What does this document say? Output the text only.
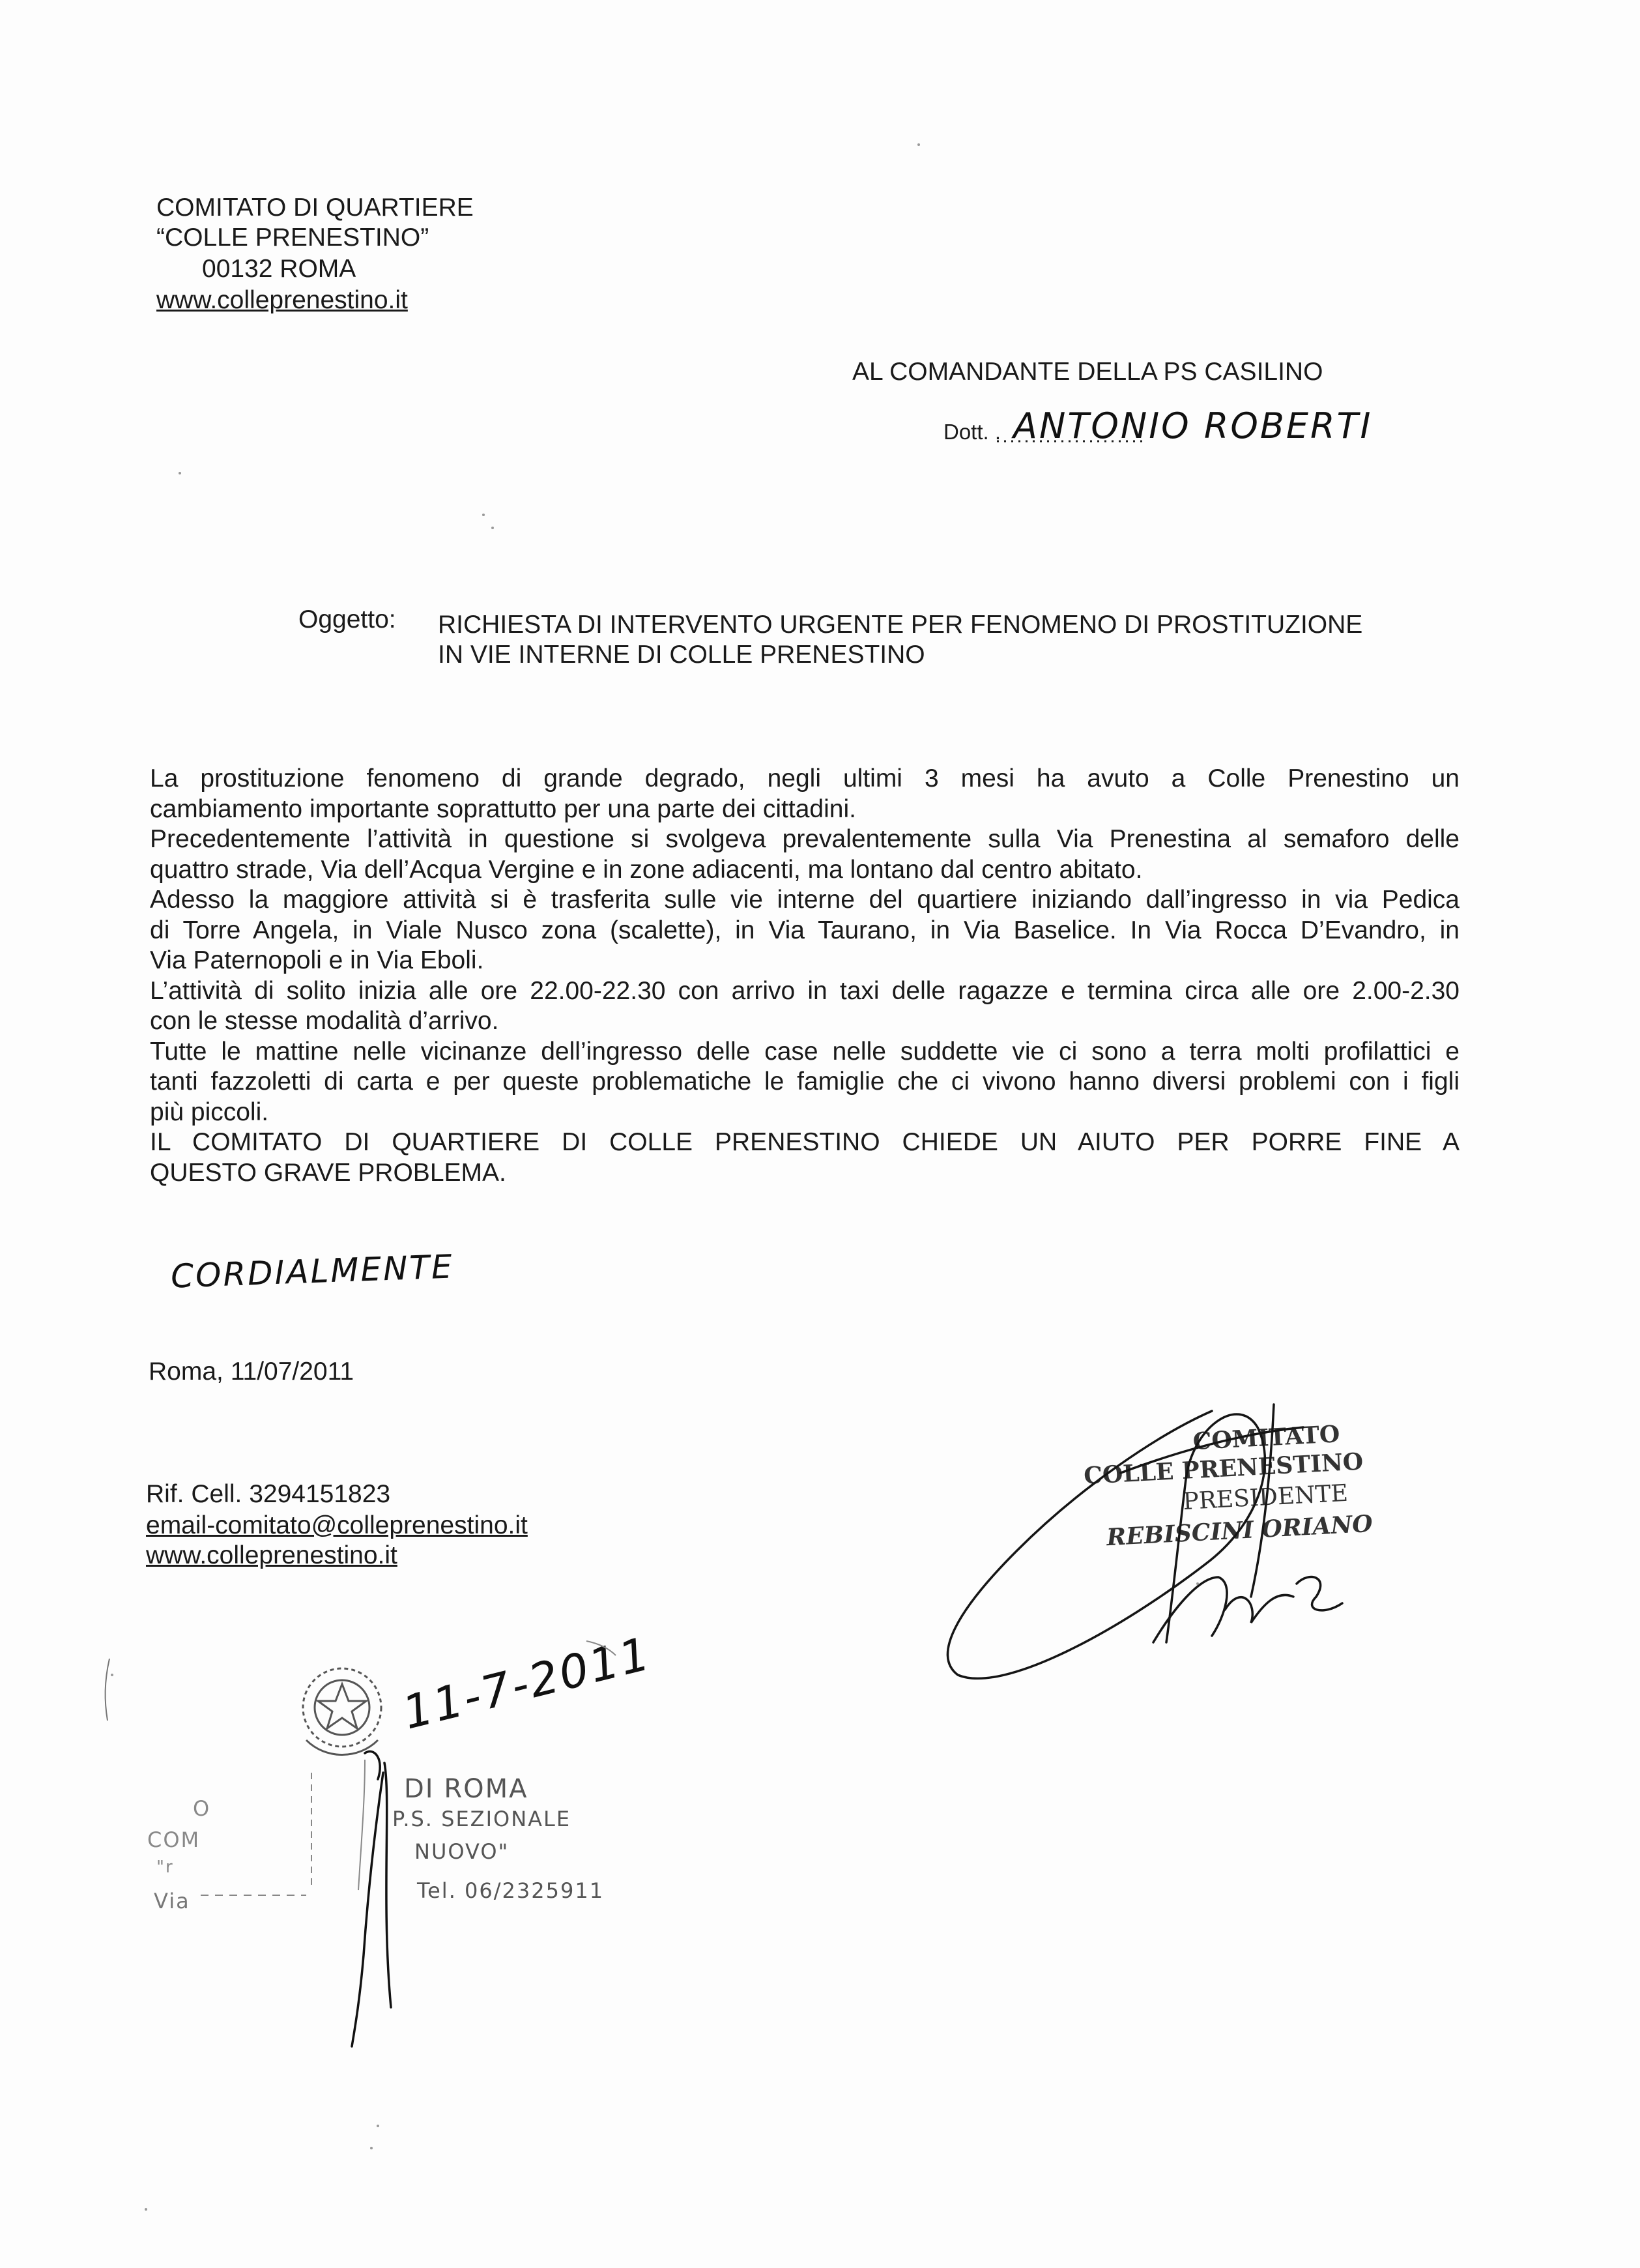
COMITATO DI QUARTIERE
“COLLE PRENESTINO”
00132 ROMA
www.colleprenestino.it
AL COMANDANTE DELLA PS CASILINO
Dott. . ANTONIO ROBERTI
Oggetto: RICHIESTA DI INTERVENTO URGENTE PER FENOMENO DI PROSTITUZIONE
IN VIE INTERNE DI COLLE PRENESTINO
La prostituzione fenomeno di grande degrado, negli ultimi 3 mesi ha avuto a Colle Prenestino un
cambiamento importante soprattutto per una parte dei cittadini.
Precedentemente l’attività in questione si svolgeva prevalentemente sulla Via Prenestina al semaforo delle
quattro strade, Via dell’Acqua Vergine e in zone adiacenti, ma lontano dal centro abitato.
Adesso la maggiore attività si è trasferita sulle vie interne del quartiere iniziando dall’ingresso in via Pedica
di Torre Angela, in Viale Nusco zona (scalette), in Via Taurano, in Via Baselice. In Via Rocca D’Evandro, in
Via Paternopoli e in Via Eboli.
L’attività di solito inizia alle ore 22.00-22.30 con arrivo in taxi delle ragazze e termina circa alle ore 2.00-2.30
con le stesse modalità d’arrivo.
Tutte le mattine nelle vicinanze dell’ingresso delle case nelle suddette vie ci sono a terra molti profilattici e
tanti fazzoletti di carta e per queste problematiche le famiglie che ci vivono hanno diversi problemi con i figli
più piccoli.
IL COMITATO DI QUARTIERE DI COLLE PRENESTINO CHIEDE UN AIUTO PER PORRE FINE A
QUESTO GRAVE PROBLEMA.
CORDIALMENTE
Roma, 11/07/2011
Rif. Cell. 3294151823
email-comitato@colleprenestino.it
www.colleprenestino.it
COMITATO
COLLE PRENESTINO
PRESIDENTE
REBISCINI ORIANO
11-7-2011
DI ROMA
P.S. SEZIONALE
NUOVO"
Via	Tel. 06/2325911
O
COM
"r
